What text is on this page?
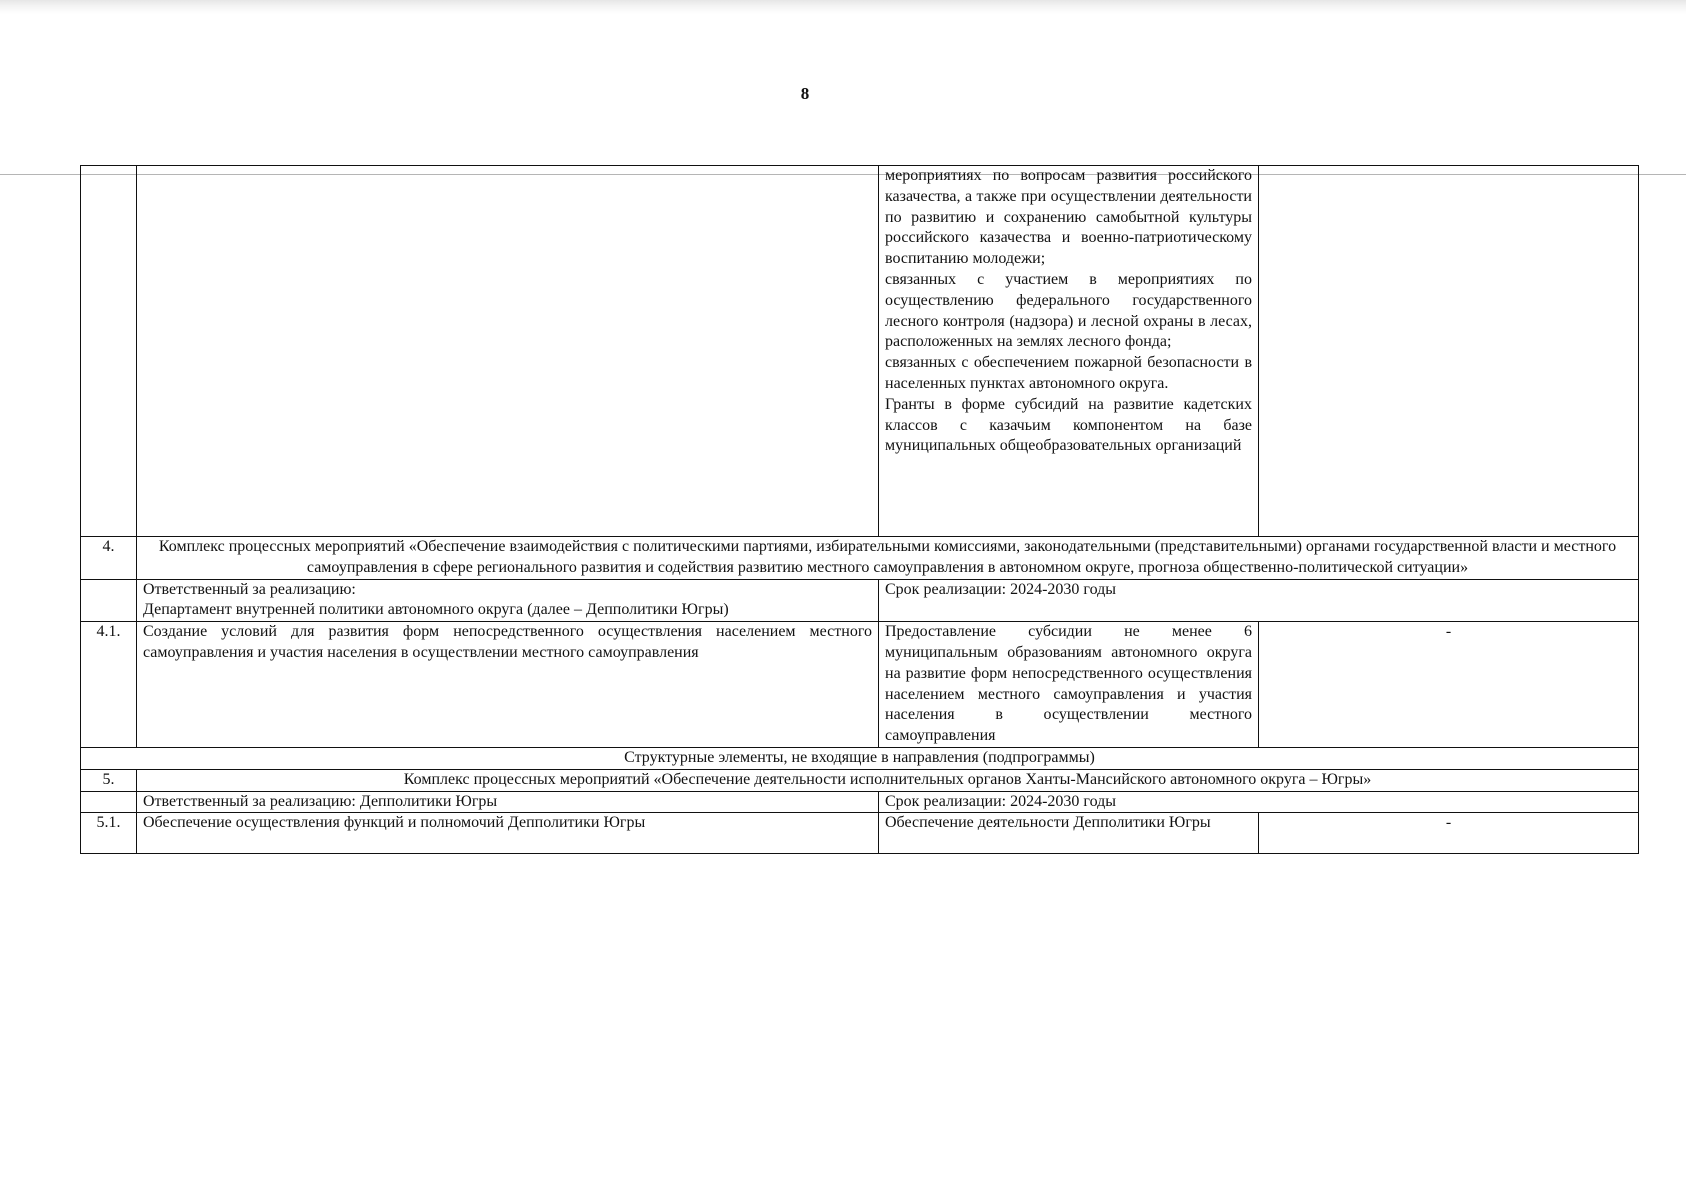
8

		мероприятиях по вопросам развития российского казачества, а также при осуществлении деятельности по развитию и сохранению самобытной культуры российского казачества и военно-патриотическому воспитанию молодежи;
связанных с участием в мероприятиях по осуществлению федерального государственного лесного контроля (надзора) и лесной охраны в лесах, расположенных на землях лесного фонда;
связанных с обеспечением пожарной безопасности в населенных пунктах автономного округа.
Гранты в форме субсидий на развитие кадетских классов с казачьим компонентом на базе муниципальных общеобразовательных организаций	

4.	Комплекс процессных мероприятий «Обеспечение взаимодействия с политическими партиями, избирательными комиссиями, законодательными (представительными) органами государственной власти и местного самоуправления в сфере регионального развития и содействия развитию местного самоуправления в автономном округе, прогноза общественно-политической ситуации»		

	Ответственный за реализацию:
Департамент внутренней политики автономного округа (далее – Депполитики Югры)	Срок реализации: 2024-2030 годы	
4.1.	Создание условий для развития форм непосредственного осуществления населением местного самоуправления и участия населения в осуществлении местного самоуправления	Предоставление субсидии не менее 6 муниципальным образованиям автономного округа на развитие форм непосредственного осуществления населением местного самоуправления и участия населения в осуществлении местного самоуправления	-
Структурные элементы, не входящие в направления (подпрограммы)			
5.	Комплекс процессных мероприятий «Обеспечение деятельности исполнительных органов Ханты-Мансийского автономного округа – Югры»		
	Ответственный за реализацию: Депполитики Югры	Срок реализации: 2024-2030 годы	
5.1.	Обеспечение осуществления функций и полномочий Депполитики Югры	Обеспечение деятельности Депполитики Югры	-
